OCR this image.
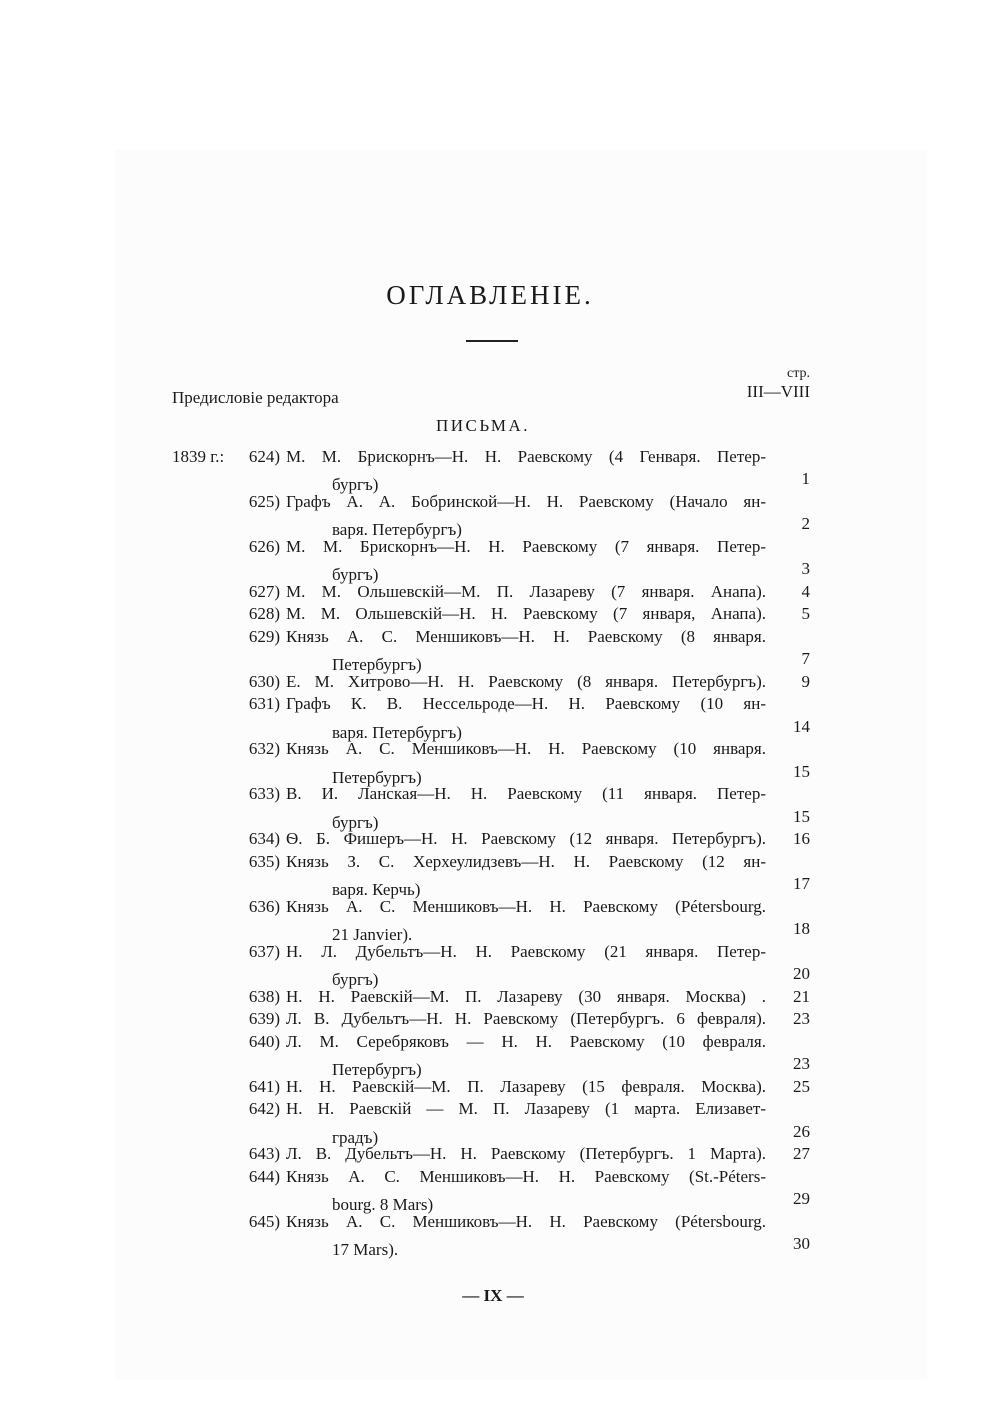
ОГЛАВЛЕНІЕ.
стр.
Предисловіе редактора	III—VIII
ПИСЬМА.
1839 г.:	624) М. М. Брискорнъ—Н. Н. Раевскому (4 Генваря. Петер-
бургъ)	1
625) Графъ А. А. Бобринской—Н. Н. Раевскому (Начало ян-
варя. Петербургъ)	2
626) М. М. Брискорнъ—Н. Н. Раевскому (7 января. Петер-
бургъ)	3
627) М. М. Ольшевскій—М. П. Лазареву (7 января. Анапа).	4
628) М. М. Ольшевскій—Н. Н. Раевскому (7 января, Анапа).	5
629) Князь А. С. Меншиковъ—Н. Н. Раевскому (8 января.
Петербургъ)	7
630) Е. М. Хитрово—Н. Н. Раевскому (8 января. Петербургъ).	9
631) Графъ К. В. Нессельроде—Н. Н. Раевскому (10 ян-
варя. Петербургъ)	14
632) Князь А. С. Меншиковъ—Н. Н. Раевскому (10 января.
Петербургъ)	15
633) В. И. Ланская—Н. Н. Раевскому (11 января. Петер-
бургъ)	15
634) Ѳ. Б. Фишеръ—Н. Н. Раевскому (12 января. Петербургъ).	16
635) Князь З. С. Херхеулидзевъ—Н. Н. Раевскому (12 ян-
варя. Керчь)	17
636) Князь А. С. Меншиковъ—Н. Н. Раевскому (Pétersbourg.
21 Janvier).	18
637) Н. Л. Дубельтъ—Н. Н. Раевскому (21 января. Петер-
бургъ)	20
638) Н. Н. Раевскій—М. П. Лазареву (30 января. Москва) .	21
639) Л. В. Дубельтъ—Н. Н. Раевскому (Петербургъ. 6 февраля).	23
640) Л. М. Серебряковъ — Н. Н. Раевскому (10 февраля.
Петербургъ)	23
641) Н. Н. Раевскій—М. П. Лазареву (15 февраля. Москва).	25
642) Н. Н. Раевскій — М. П. Лазареву (1 марта. Елизавет-
градъ)	26
643) Л. В. Дубельтъ—Н. Н. Раевскому (Петербургъ. 1 Марта).	27
644) Князь А. С. Меншиковъ—Н. Н. Раевскому (St.-Péters-
bourg. 8 Mars)	29
645) Князь А. С. Меншиковъ—Н. Н. Раевскому (Pétersbourg.
17 Mars).	30
— IX —
